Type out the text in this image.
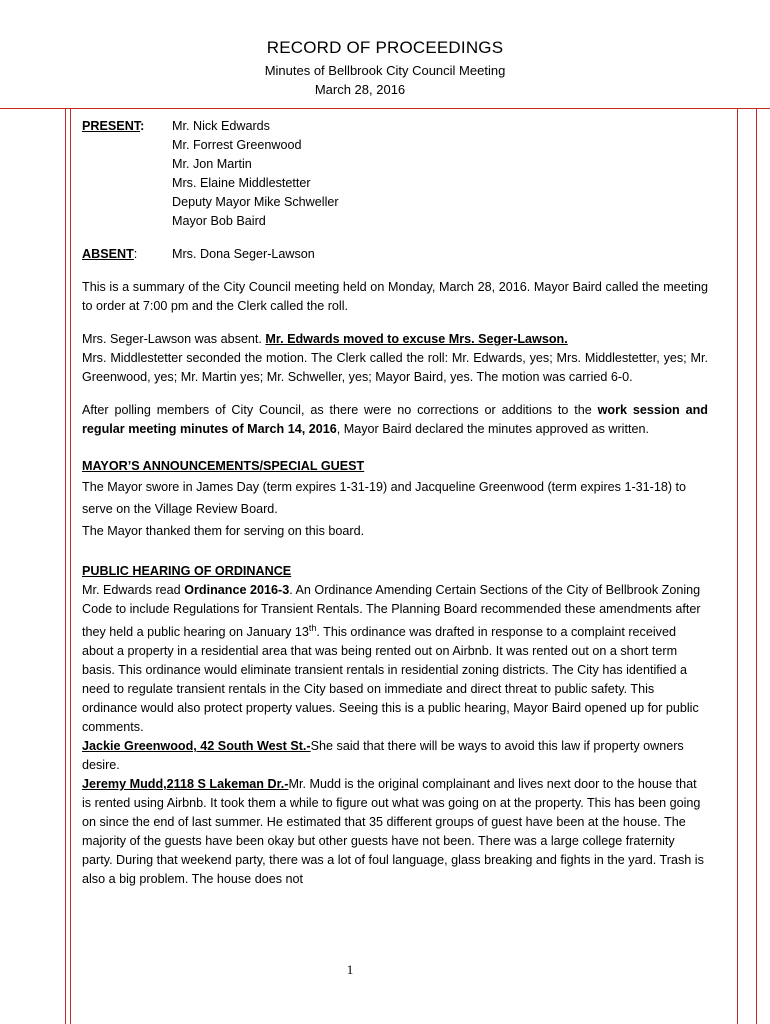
RECORD OF PROCEEDINGS
Minutes of Bellbrook City Council Meeting
March 28, 2016
PRESENT:	Mr. Nick Edwards
Mr. Forrest Greenwood
Mr. Jon Martin
Mrs. Elaine Middlestetter
Deputy Mayor Mike Schweller
Mayor Bob Baird
ABSENT:	Mrs. Dona Seger-Lawson

This is a summary of the City Council meeting held on Monday, March 28, 2016. Mayor Baird called the meeting to order at 7:00 pm and the Clerk called the roll.

Mrs. Seger-Lawson was absent. Mr. Edwards moved to excuse Mrs. Seger-Lawson.
Mrs. Middlestetter seconded the motion. The Clerk called the roll: Mr. Edwards, yes; Mrs. Middlestetter, yes; Mr. Greenwood, yes; Mr. Martin yes; Mr. Schweller, yes; Mayor Baird, yes. The motion was carried 6-0.

After polling members of City Council, as there were no corrections or additions to the work session and regular meeting minutes of March 14, 2016, Mayor Baird declared the minutes approved as written.

MAYOR’S ANNOUNCEMENTS/SPECIAL GUEST

The Mayor swore in James Day (term expires 1-31-19) and Jacqueline Greenwood (term expires 1-31-18) to serve on the Village Review Board.

The Mayor thanked them for serving on this board.

PUBLIC HEARING OF ORDINANCE

Mr. Edwards read Ordinance 2016-3. An Ordinance Amending Certain Sections of the City of Bellbrook Zoning Code to include Regulations for Transient Rentals. The Planning Board recommended these amendments after they held a public hearing on January 13th. This ordinance was drafted in response to a complaint received about a property in a residential area that was being rented out on Airbnb. It was rented out on a short term basis. This ordinance would eliminate transient rentals in residential zoning districts. The City has identified a need to regulate transient rentals in the City based on immediate and direct threat to public safety. This ordinance would also protect property values. Seeing this is a public hearing, Mayor Baird opened up for public comments.

Jackie Greenwood, 42 South West St.-She said that there will be ways to avoid this law if property owners desire.

Jeremy Mudd,2118 S Lakeman Dr.-Mr. Mudd is the original complainant and lives next door to the house that is rented using Airbnb. It took them a while to figure out what was going on at the property. This has been going on since the end of last summer. He estimated that 35 different groups of guest have been at the house. The majority of the guests have been okay but other guests have not been. There was a large college fraternity party. During that weekend party, there was a lot of foul language, glass breaking and fights in the yard. Trash is also a big problem. The house does not

1
